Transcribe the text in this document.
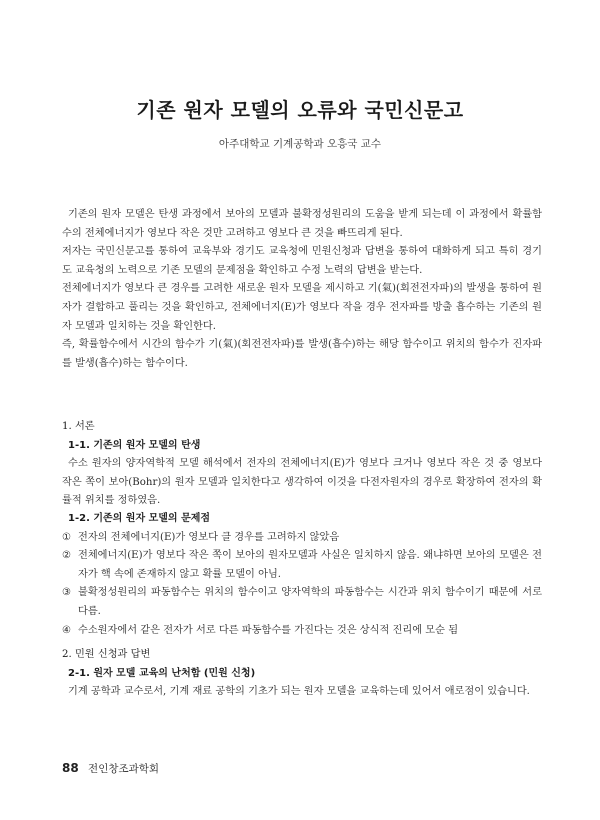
기존 원자 모델의 오류와 국민신문고
아주대학교 기계공학과 오흥국 교수

기존의 원자 모델은 탄생 과정에서 보아의 모델과 불확정성원리의 도움을 받게 되는데 이 과정에서 확률함수의 전체에너지가 영보다 작은 것만 고려하고 영보다 큰 것을 빠뜨리게 된다.

저자는 국민신문고를 통하여 교육부와 경기도 교육청에 민원신청과 답변을 통하여 대화하게 되고 특히 경기도 교육청의 노력으로 기존 모델의 문제점을 확인하고 수정 노력의 답변을 받는다.

전체에너지가 영보다 큰 경우를 고려한 새로운 원자 모델을 제시하고 기(氣)(회전전자파)의 발생을 통하여 원자가 결합하고 풀리는 것을 확인하고, 전체에너지(E)가 영보다 작을 경우 전자파를 방출 흡수하는 기존의 원자 모델과 일치하는 것을 확인한다.

즉, 확률함수에서 시간의 함수가 기(氣)(회전전자파)를 발생(흡수)하는 해당 함수이고 위치의 함수가 진자파를 발생(흡수)하는 함수이다.

1. 서론

1-1. 기존의 원자 모델의 탄생

수소 원자의 양자역학적 모델 해석에서 전자의 전체에너지(E)가 영보다 크거나 영보다 작은 것 중 영보다 작은 쪽이 보아(Bohr)의 원자 모델과 일치한다고 생각하여 이것을 다전자원자의 경우로 확장하여 전자의 확률적 위치를 정하였음.

1-2. 기존의 원자 모델의 문제점

① 전자의 전체에너지(E)가 영보다 클 경우를 고려하지 않았음
② 전체에너지(E)가 영보다 작은 쪽이 보아의 원자모델과 사실은 일치하지 않음. 왜냐하면 보아의 모델은 전자가 핵 속에 존재하지 않고 확률 모델이 아님.
③ 불확정성원리의 파동함수는 위치의 함수이고 양자역학의 파동함수는 시간과 위치 함수이기 때문에 서로 다름.
④ 수소원자에서 같은 전자가 서로 다른 파동함수를 가진다는 것은 상식적 진리에 모순 됨

2. 민원 신청과 답변

2-1. 원자 모델 교육의 난처함 (민원 신청)

기계 공학과 교수로서, 기계 재료 공학의 기초가 되는 원자 모델을 교육하는데 있어서 애로점이 있습니다.

88 전인창조과학회
